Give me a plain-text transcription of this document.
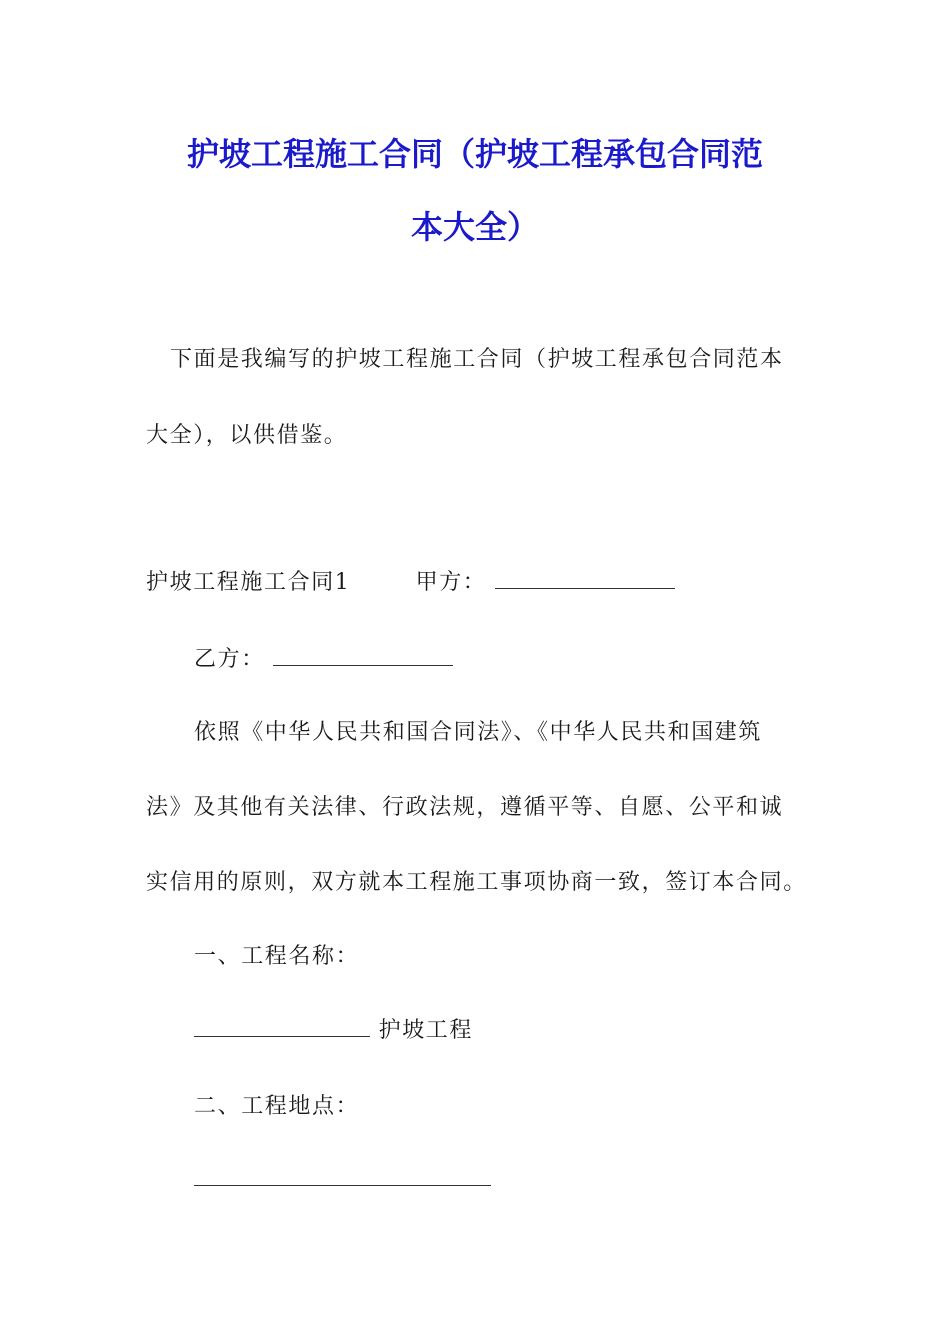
护坡工程施工合同（护坡工程承包合同范
本大全）
下面是我编写的护坡工程施工合同（护坡工程承包合同范本
大全），以供借鉴。
护坡工程施工合同1	甲方：
乙方：
依照《中华人民共和国合同法》、《中华人民共和国建筑
法》及其他有关法律、行政法规，遵循平等、自愿、公平和诚
实信用的原则，双方就本工程施工事项协商一致，签订本合同。
一、工程名称：
护坡工程
二、工程地点：
